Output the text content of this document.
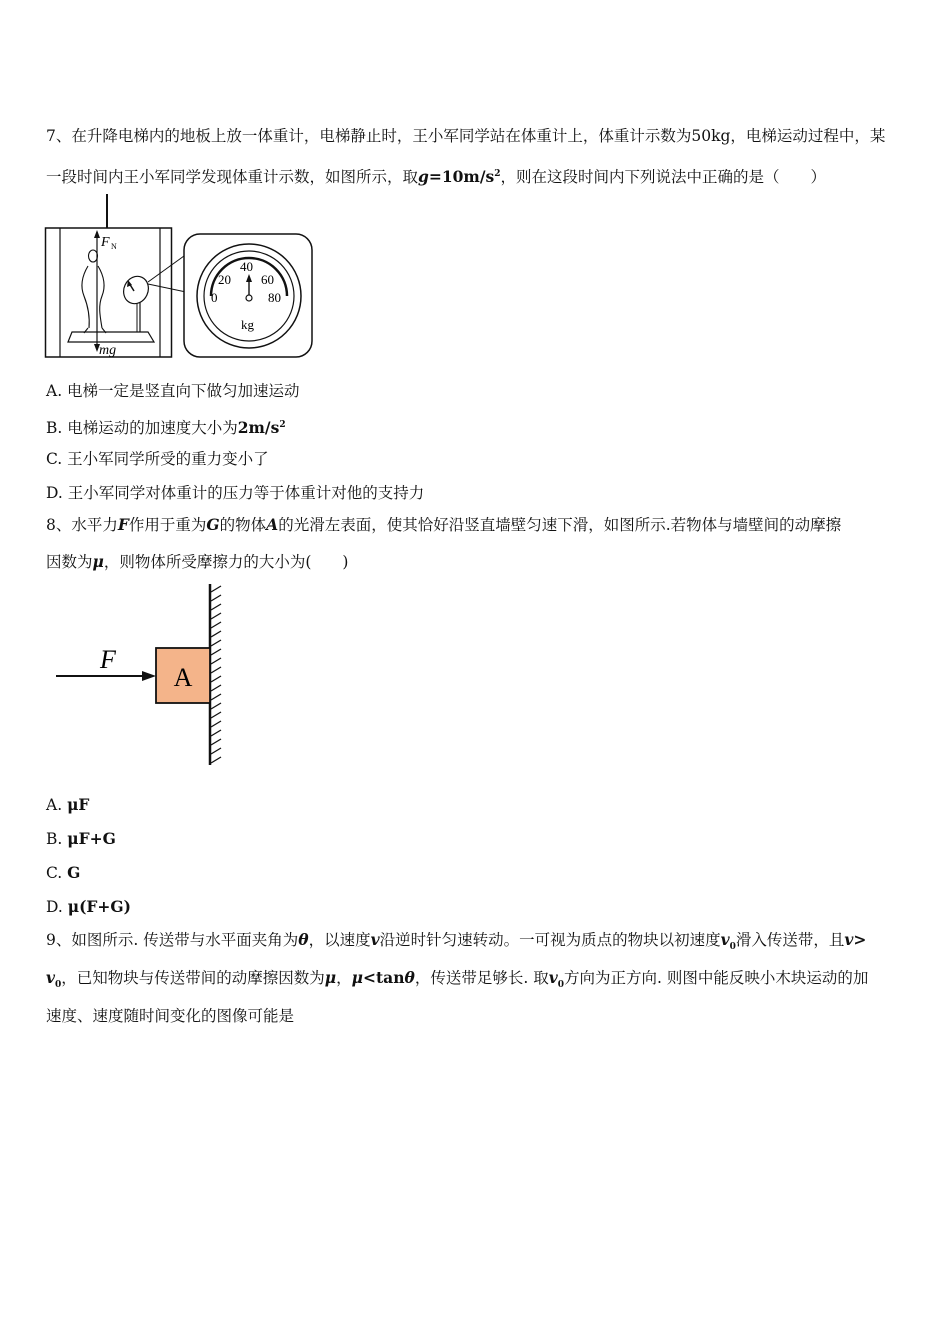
7、在升降电梯内的地板上放一体重计，电梯静止时，王小军同学站在体重计上，体重计示数为50kg，电梯运动过程中，某
一段时间内王小军同学发现体重计示数，如图所示，取$g=10m/s^2$，则在这段时间内下列说法中正确的是（　　）
F N
mg
0
20
40
60
80
kg
A. 电梯一定是竖直向下做匀加速运动
B. 电梯运动的加速度大小为$2m/s^2$
C. 王小军同学所受的重力变小了
D. 王小军同学对体重计的压力等于体重计对他的支持力
8、水平力F作用于重为G的物体A的光滑左表面，使其恰好沿竖直墙壁匀速下滑，如图所示.若物体与墙壁间的动摩擦
因数为μ，则物体所受摩擦力的大小为(　　)
A
F
A. μF
B. μF+G
C. G
D. μ(F+G)
9、如图所示. 传送带与水平面夹角为θ，以速度v沿逆时针匀速转动。一可视为质点的物块以初速度$v_0$滑入传送带，且v>
$v_0$，已知物块与传送带间的动摩擦因数为μ，μ<tanθ，传送带足够长. 取$v_0$方向为正方向. 则图中能反映小木块运动的加
速度、速度随时间变化的图像可能是
